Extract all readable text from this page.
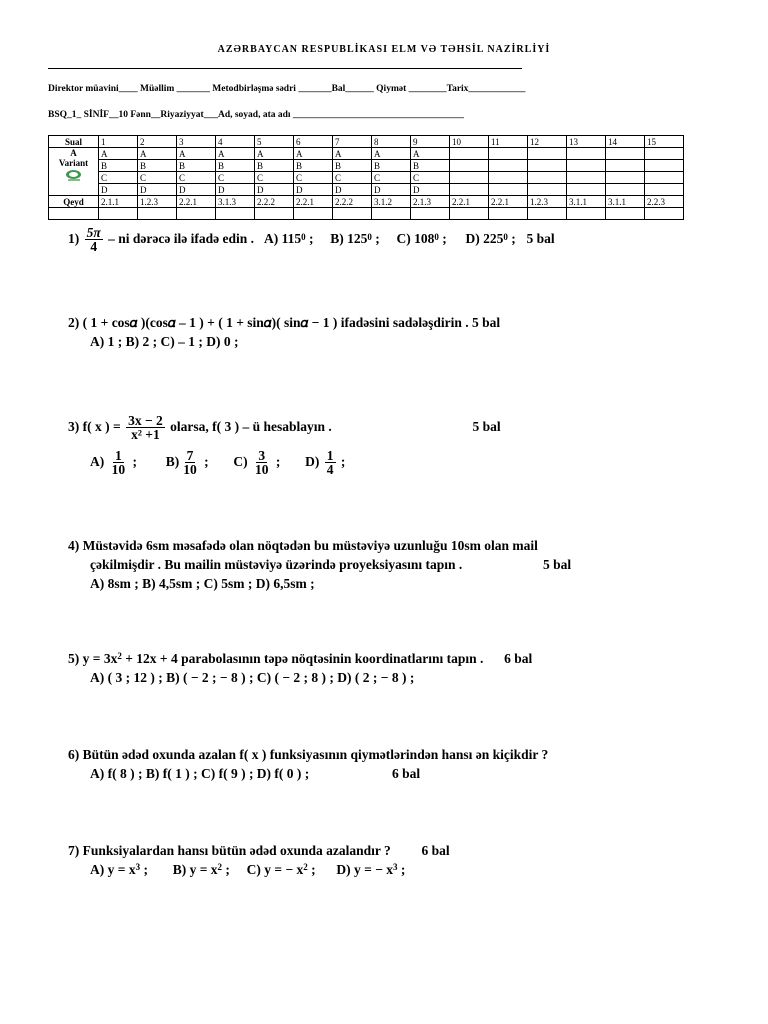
AZƏRBAYCAN RESPUBLİKASI ELM VƏ TƏHSİL NAZİRLİYİ
Direktor müavini____ Müəllim _______ Metodbirləşmə sədri _______Bal______ Qiymət ________Tarix____________
BSQ_1_ SİNİF__10 Fənn__Riyaziyyat___Ad, soyad, ata adı ____________________________________
Sual	1	2	3	4	5	6	7	8	9	10	11	12	13	14	15

A
Variant	A	A	A	A	A	A	A	A	A						
	B	B	B	B	B	B	B	B	B						
	C	C	C	C	C	C	C	C	C						
	D	D	D	D	D	D	D	D	D						
Qeyd	2.1.1	1.2.3	2.2.1	3.1.3	2.2.2	2.2.1	2.2.2	3.1.2	2.1.3	2.2.1	2.2.1	1.2.3	3.1.1	3.1.1	2.2.3

$1) \frac{5\pi}{4}$ – ni dərəcə ilə ifadə edin . A) $115^0$ ;  B) $125^0$ ;  C) $108^0$ ;  D) $225^0$ ;  5 bal
2) ( 1 + cos𝛼 )(cos𝛼 – 1 ) + ( 1 + sin𝛼)( sin𝛼 − 1 ) ifadəsini sadələşdirin . 5 bal
A) 1 ; B) 2 ; C) – 1 ; D) 0 ;
3) f( x ) = $\frac{3x - 2}{\text{x² +1}}$ olarsa, f( 3 ) – ü hesablayın .	5 bal
$A) \frac{1}{10}$ ; $B) \frac{7}{10}$ ; $C) \frac{3}{10}$ ; $D) \frac{1}{4}$ ;
4) Müstəvidə 6sm məsafədə olan nöqtədən bu müstəviyə uzunluğu 10sm olan mail
çəkilmişdir . Bu mailin müstəviyə üzərində proyeksiyasını tapın .	5 bal
A) 8sm ; B) 4,5sm ; C) 5sm ; D) 6,5sm ;
5) $y = 3x^2 + 12x + 4$ parabolasının təpə nöqtəsinin koordinatlarını tapın . 6 bal
A) ( 3 ; 12 ) ; B) ( − 2 ; − 8 ) ; C) ( − 2 ; 8 ) ; D) ( 2 ; − 8 ) ;
6) Bütün ədəd oxunda azalan f( x ) funksiyasının qiymətlərindən hansı ən kiçikdir ?
A) f( 8 ) ; B) f( 1 ) ; C) f( 9 ) ; D) f( 0 ) ;	6 bal
7) Funksiyalardan hansı bütün ədəd oxunda azalandır ? 6 bal
A) $y = x^3$ ; B) $y = x^2$ ; C) y = − $x^2$ ; D) y = − $x^3$ ;
